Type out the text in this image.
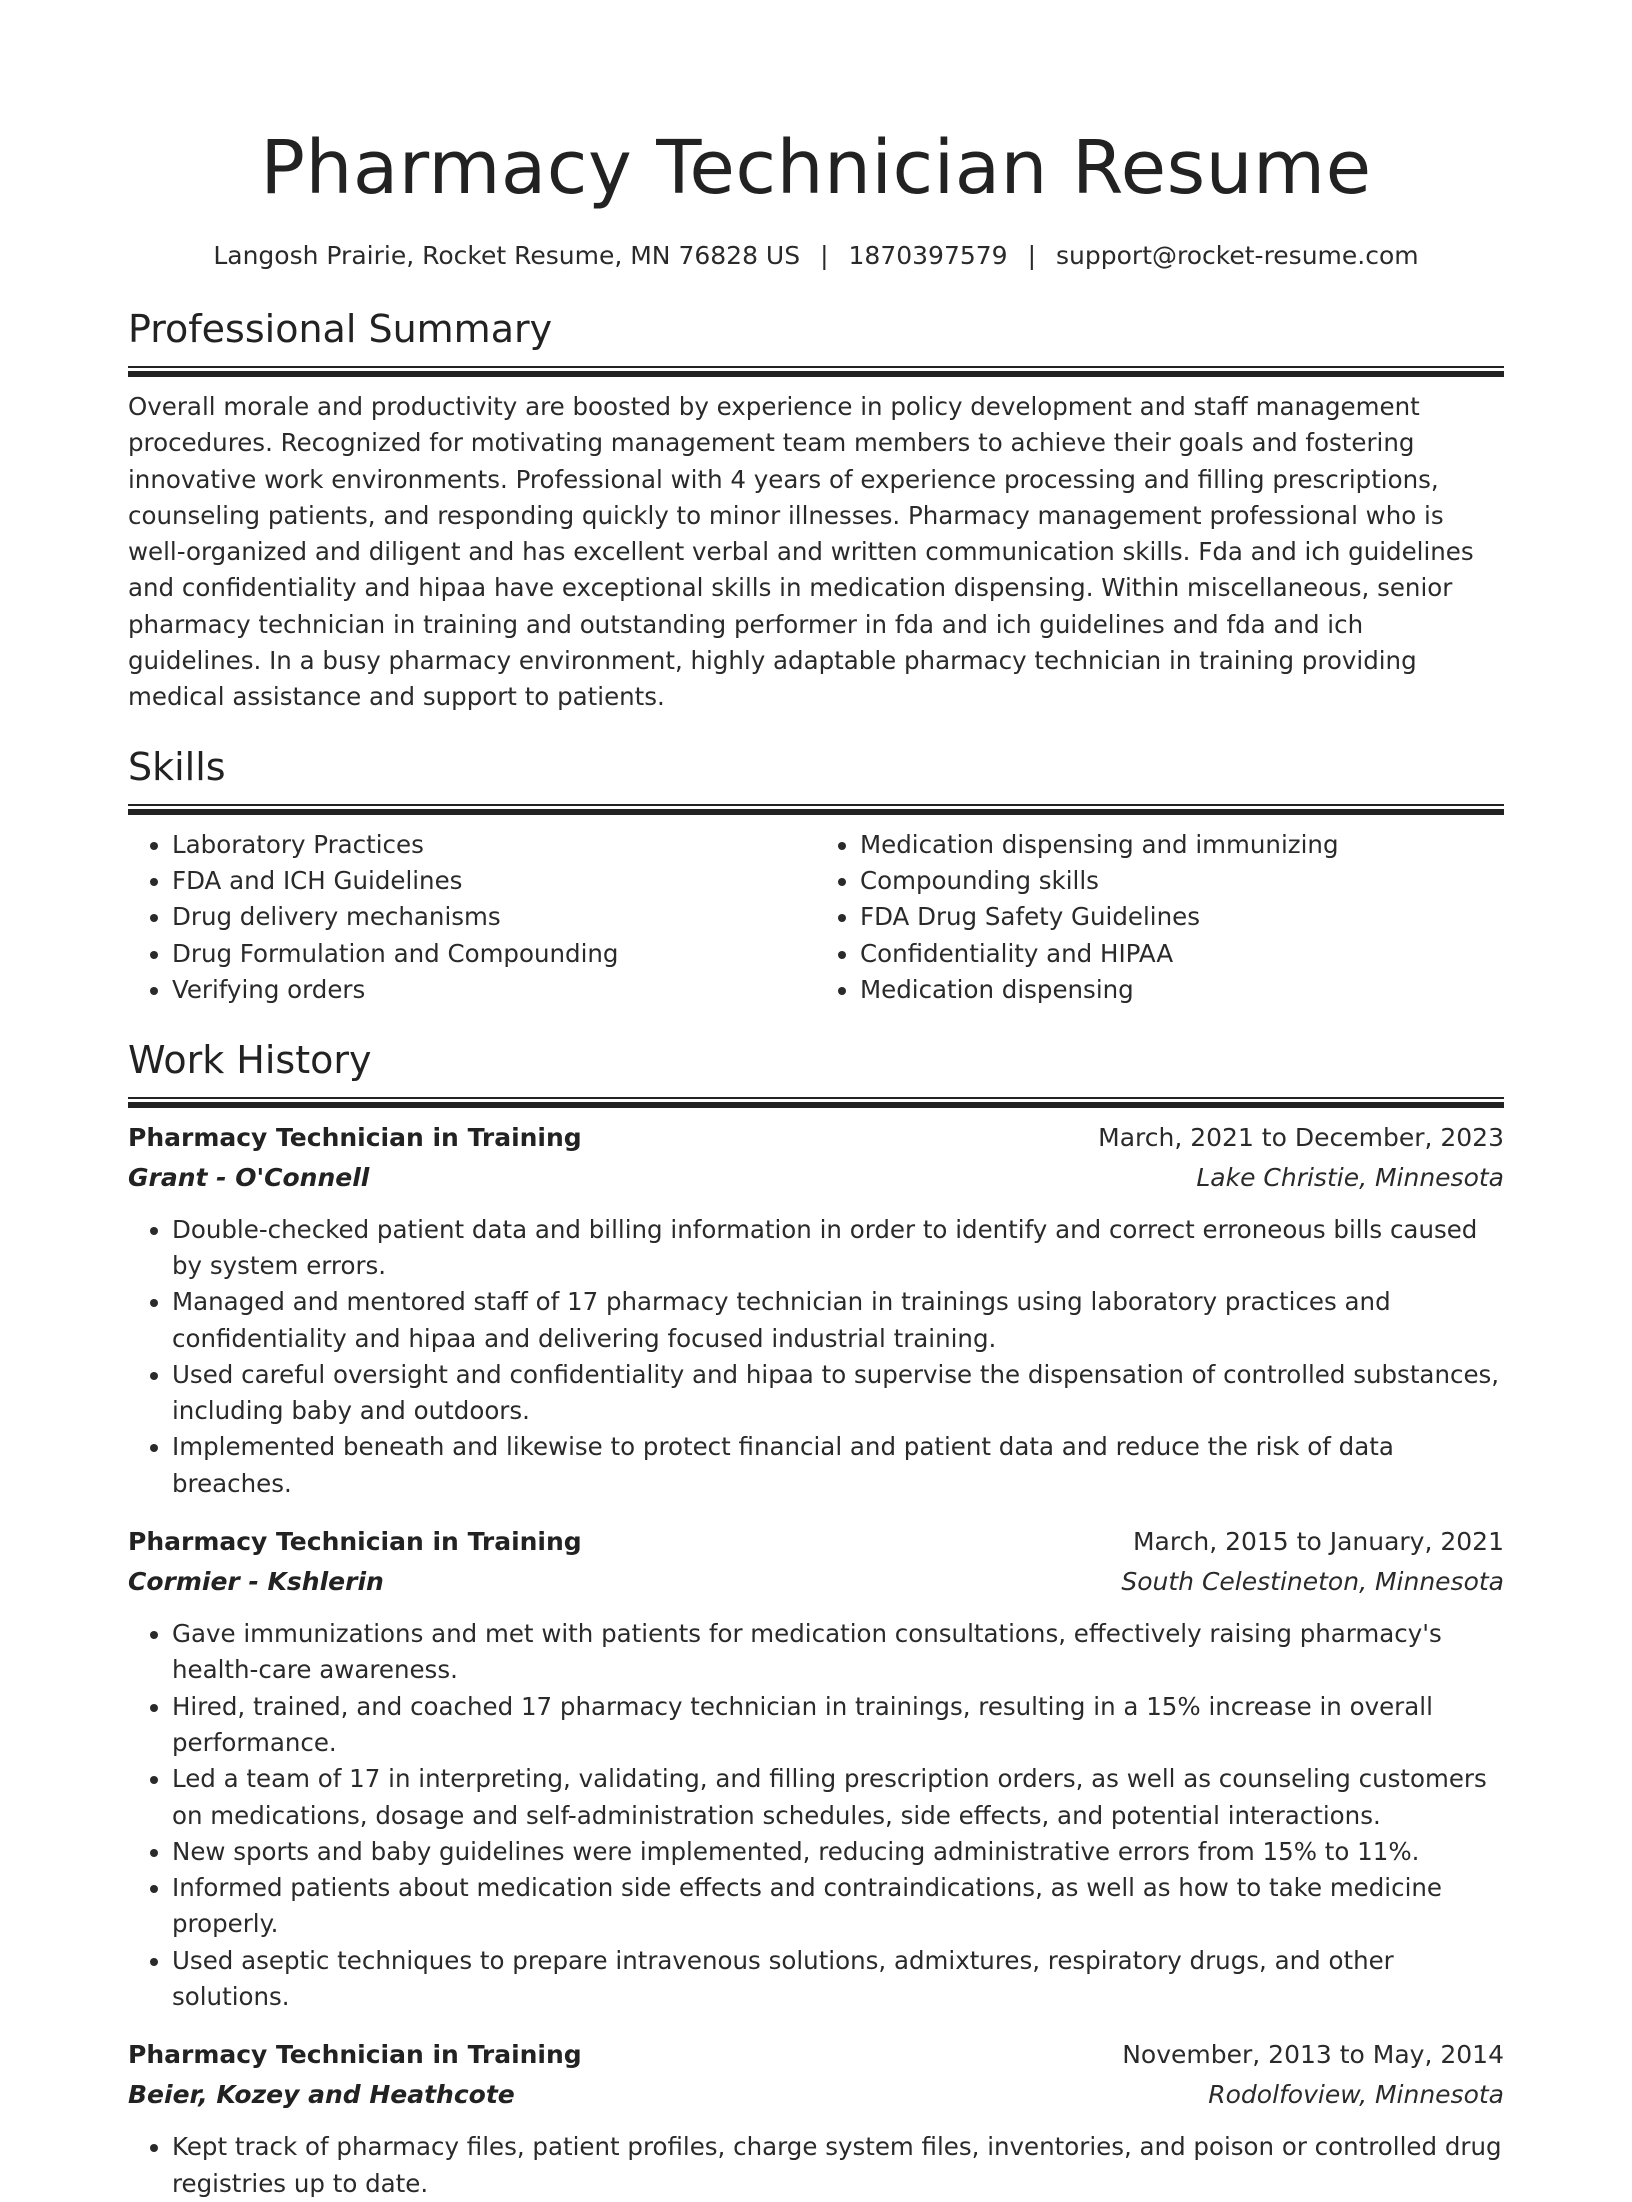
Pharmacy Technician Resume
Langosh Prairie, Rocket Resume, MN 76828 US | 1870397579 | support@rocket-resume.com
Professional Summary

Overall morale and productivity are boosted by experience in policy development and staff management procedures. Recognized for motivating management team members to achieve their goals and fostering innovative work environments. Professional with 4 years of experience processing and filling prescriptions, counseling patients, and responding quickly to minor illnesses. Pharmacy management professional who is well-organized and diligent and has excellent verbal and written communication skills. Fda and ich guidelines and confidentiality and hipaa have exceptional skills in medication dispensing. Within miscellaneous, senior pharmacy technician in training and outstanding performer in fda and ich guidelines and fda and ich guidelines. In a busy pharmacy environment, highly adaptable pharmacy technician in training providing medical assistance and support to patients.

Skills
• Laboratory Practices
• FDA and ICH Guidelines
• Drug delivery mechanisms
• Drug Formulation and Compounding
• Verifying orders
• Medication dispensing and immunizing
• Compounding skills
• FDA Drug Safety Guidelines
• Confidentiality and HIPAA
• Medication dispensing
Work History
Pharmacy Technician in Training	March, 2021 to December, 2023
Grant - O'Connell	Lake Christie, Minnesota
• Double-checked patient data and billing information in order to identify and correct erroneous bills caused by system errors.
• Managed and mentored staff of 17 pharmacy technician in trainings using laboratory practices and confidentiality and hipaa and delivering focused industrial training.
• Used careful oversight and confidentiality and hipaa to supervise the dispensation of controlled substances, including baby and outdoors.
• Implemented beneath and likewise to protect financial and patient data and reduce the risk of data breaches.
Pharmacy Technician in Training	March, 2015 to January, 2021
Cormier - Kshlerin	South Celestineton, Minnesota
• Gave immunizations and met with patients for medication consultations, effectively raising pharmacy's health-care awareness.
• Hired, trained, and coached 17 pharmacy technician in trainings, resulting in a 15% increase in overall performance.
• Led a team of 17 in interpreting, validating, and filling prescription orders, as well as counseling customers on medications, dosage and self-administration schedules, side effects, and potential interactions.
• New sports and baby guidelines were implemented, reducing administrative errors from 15% to 11%.
• Informed patients about medication side effects and contraindications, as well as how to take medicine properly.
• Used aseptic techniques to prepare intravenous solutions, admixtures, respiratory drugs, and other solutions.
Pharmacy Technician in Training	November, 2013 to May, 2014
Beier, Kozey and Heathcote	Rodolfoview, Minnesota
• Kept track of pharmacy files, patient profiles, charge system files, inventories, and poison or controlled drug registries up to date.
